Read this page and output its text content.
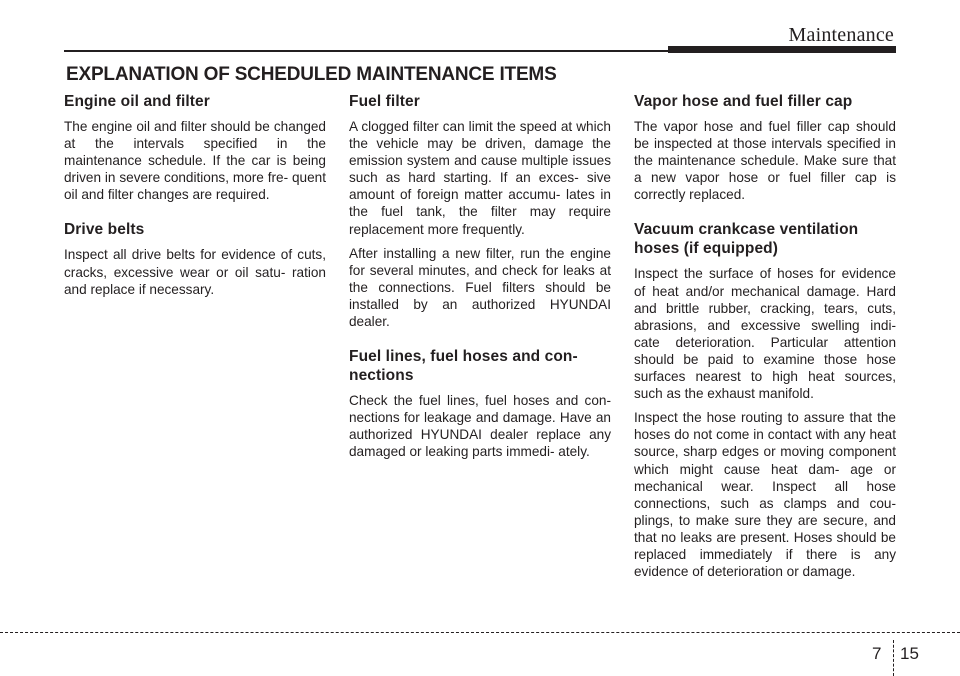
Maintenance
EXPLANATION OF SCHEDULED MAINTENANCE ITEMS
Engine oil and filter

The engine oil and filter should be changed at the intervals specified in the maintenance schedule. If the car is being driven in severe conditions, more fre- quent oil and filter changes are required.

Drive belts

Inspect all drive belts for evidence of cuts, cracks, excessive wear or oil satu- ration and replace if necessary.

Fuel filter

A clogged filter can limit the speed at which the vehicle may be driven, damage the emission system and cause multiple issues such as hard starting. If an exces- sive amount of foreign matter accumu- lates in the fuel tank, the filter may require replacement more frequently.

After installing a new filter, run the engine for several minutes, and check for leaks at the connections. Fuel filters should be installed by an authorized HYUNDAI dealer.

Fuel lines, fuel hoses and con- nections

Check the fuel lines, fuel hoses and con- nections for leakage and damage. Have an authorized HYUNDAI dealer replace any damaged or leaking parts immedi- ately.

Vapor hose and fuel filler cap

The vapor hose and fuel filler cap should be inspected at those intervals specified in the maintenance schedule. Make sure that a new vapor hose or fuel filler cap is correctly replaced.

Vacuum crankcase ventilation hoses (if equipped)

Inspect the surface of hoses for evidence of heat and/or mechanical damage. Hard and brittle rubber, cracking, tears, cuts, abrasions, and excessive swelling indi- cate deterioration. Particular attention should be paid to examine those hose surfaces nearest to high heat sources, such as the exhaust manifold.

Inspect the hose routing to assure that the hoses do not come in contact with any heat source, sharp edges or moving component which might cause heat dam- age or mechanical wear. Inspect all hose connections, such as clamps and cou- plings, to make sure they are secure, and that no leaks are present. Hoses should be replaced immediately if there is any evidence of deterioration or damage.

7 15
